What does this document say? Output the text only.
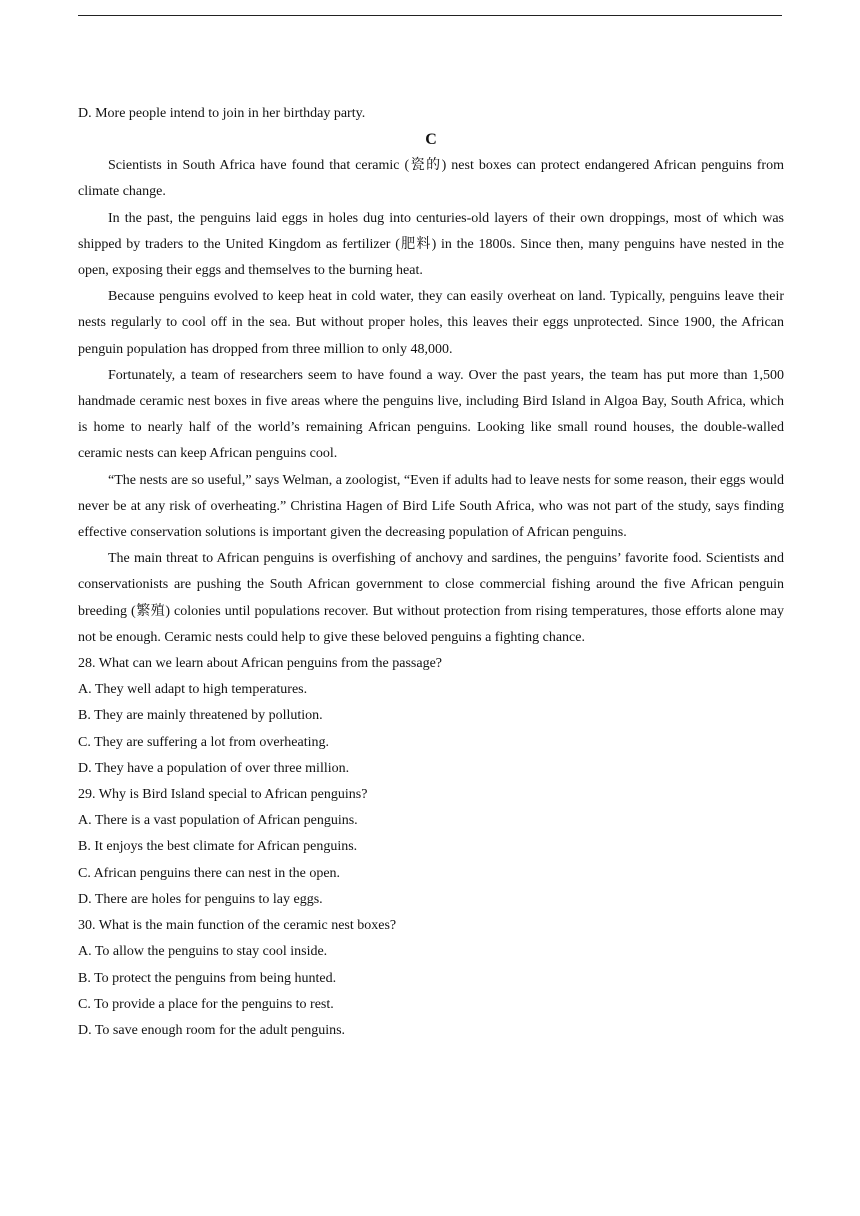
D. More people intend to join in her birthday party.

C

Scientists in South Africa have found that ceramic (瓷的) nest boxes can protect endangered African penguins from climate change.

In the past, the penguins laid eggs in holes dug into centuries-old layers of their own droppings, most of which was shipped by traders to the United Kingdom as fertilizer (肥料) in the 1800s. Since then, many penguins have nested in the open, exposing their eggs and themselves to the burning heat.

Because penguins evolved to keep heat in cold water, they can easily overheat on land. Typically, penguins leave their nests regularly to cool off in the sea. But without proper holes, this leaves their eggs unprotected. Since 1900, the African penguin population has dropped from three million to only 48,000.

Fortunately, a team of researchers seem to have found a way. Over the past years, the team has put more than 1,500 handmade ceramic nest boxes in five areas where the penguins live, including Bird Island in Algoa Bay, South Africa, which is home to nearly half of the world’s remaining African penguins. Looking like small round houses, the double-walled ceramic nests can keep African penguins cool.

“The nests are so useful,” says Welman, a zoologist, “Even if adults had to leave nests for some reason, their eggs would never be at any risk of overheating.” Christina Hagen of Bird Life South Africa, who was not part of the study, says finding effective conservation solutions is important given the decreasing population of African penguins.

The main threat to African penguins is overfishing of anchovy and sardines, the penguins’ favorite food. Scientists and conservationists are pushing the South African government to close commercial fishing around the five African penguin breeding (繁殖) colonies until populations recover. But without protection from rising temperatures, those efforts alone may not be enough. Ceramic nests could help to give these beloved penguins a fighting chance.

28. What can we learn about African penguins from the passage?

A. They well adapt to high temperatures.

B. They are mainly threatened by pollution.

C. They are suffering a lot from overheating.

D. They have a population of over three million.

29. Why is Bird Island special to African penguins?

A. There is a vast population of African penguins.

B. It enjoys the best climate for African penguins.

C. African penguins there can nest in the open.

D. There are holes for penguins to lay eggs.

30. What is the main function of the ceramic nest boxes?

A. To allow the penguins to stay cool inside.

B. To protect the penguins from being hunted.

C. To provide a place for the penguins to rest.

D. To save enough room for the adult penguins.
